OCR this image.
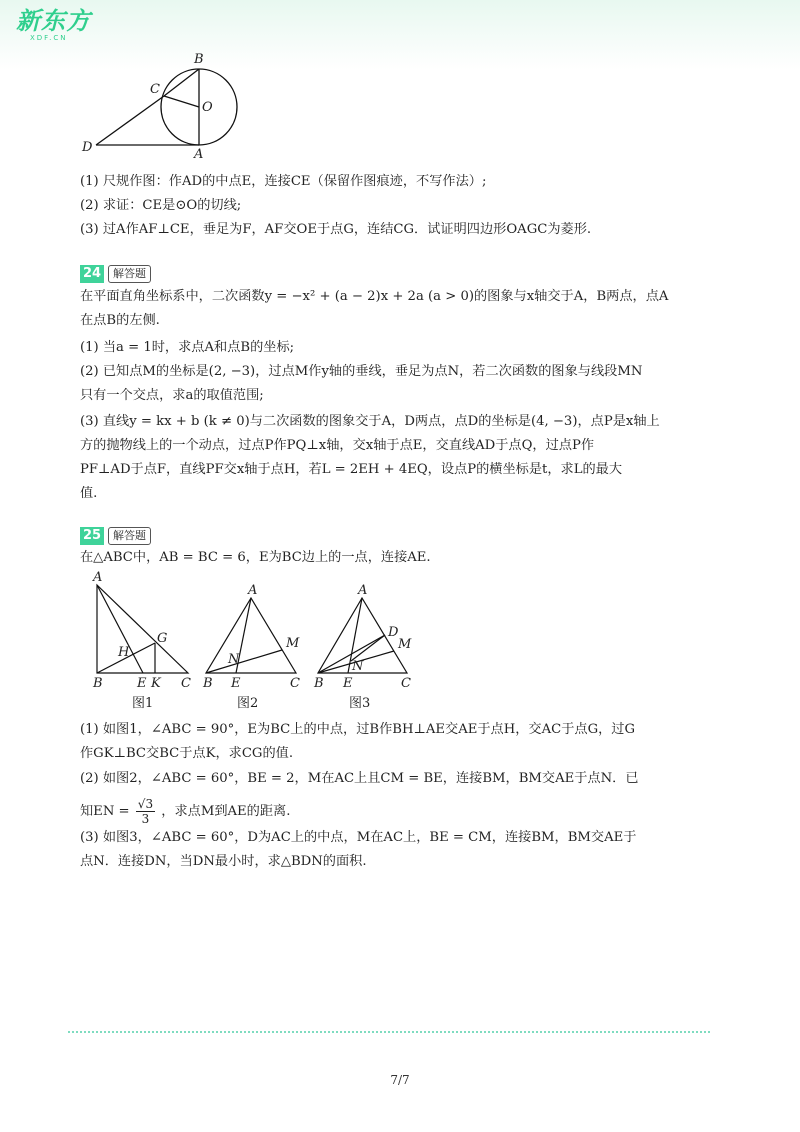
新东方
XDF.CN
B
C
O
D	A
(1) 尺规作图：作AD的中点E，连接CE（保留作图痕迹，不写作法）;
(2) 求证：CE是⊙O的切线;
(3) 过A作AF⊥CE，垂足为F，AF交OE于点G，连结CG．试证明四边形OAGC为菱形.
24 解答题
在平面直角坐标系中，二次函数y = −x² + (a − 2)x + 2a (a > 0)的图象与x轴交于A，B两点，点A
在点B的左侧.
(1) 当a = 1时，求点A和点B的坐标;
(2) 已知点M的坐标是(2, −3)，过点M作y轴的垂线，垂足为点N，若二次函数的图象与线段MN
只有一个交点，求a的取值范围;
(3) 直线y = kx + b (k ≠ 0)与二次函数的图象交于A，D两点，点D的坐标是(4, −3)，点P是x轴上
方的抛物线上的一个动点，过点P作PQ⊥x轴，交x轴于点E，交直线AD于点Q，过点P作
PF⊥AD于点F，直线PF交x轴于点H，若L = 2EH + 4EQ，设点P的横坐标是t，求L的最大
值.
25 解答题
在△ABC中，AB = BC = 6，E为BC边上的一点，连接AE.
A
G
H
B	E K C
图1
A
M
N
B E	C
图2
A
D
M
N
B E	C
图3
(1) 如图1，∠ABC = 90°，E为BC上的中点，过B作BH⊥AE交AE于点H，交AC于点G，过G
作GK⊥BC交BC于点K，求CG的值.
(2) 如图2，∠ABC = 60°，BE = 2，M在AC上且CM = BE，连接BM，BM交AE于点N．已
知EN = $\frac{√3}{3}$ ，求点M到AE的距离.
(3) 如图3，∠ABC = 60°，D为AC上的中点，M在AC上，BE = CM，连接BM，BM交AE于
点N．连接DN，当DN最小时，求△BDN的面积.
7/7
